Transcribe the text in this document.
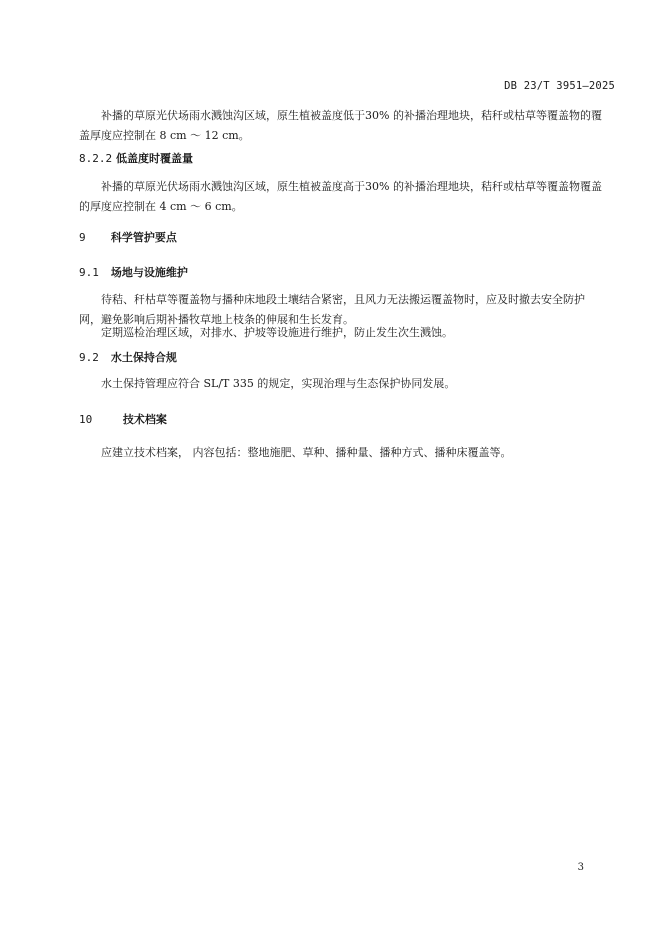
DB 23/T 3951—2025

补播的草原光伏场雨水溅蚀沟区域，原生植被盖度低于30% 的补播治理地块，秸秆或枯草等覆盖物的覆盖厚度应控制在 8 cm ～ 12 cm。

8.2.2 低盖度时覆盖量

补播的草原光伏场雨水溅蚀沟区域，原生植被盖度高于30% 的补播治理地块，秸秆或枯草等覆盖物覆盖的厚度应控制在 4 cm ～ 6 cm。

9 科学管护要点
9.1 场地与设施维护

待秸、秆枯草等覆盖物与播种床地段土壤结合紧密，且风力无法搬运覆盖物时，应及时撤去安全防护网，避免影响后期补播牧草地上枝条的伸展和生长发育。

定期巡检治理区域，对排水、护坡等设施进行维护，防止发生次生溅蚀。

9.2 水土保持合规

水土保持管理应符合 SL/T 335 的规定，实现治理与生态保护协同发展。

10	技术档案

应建立技术档案， 内容包括：整地施肥、草种、播种量、播种方式、播种床覆盖等。

3
